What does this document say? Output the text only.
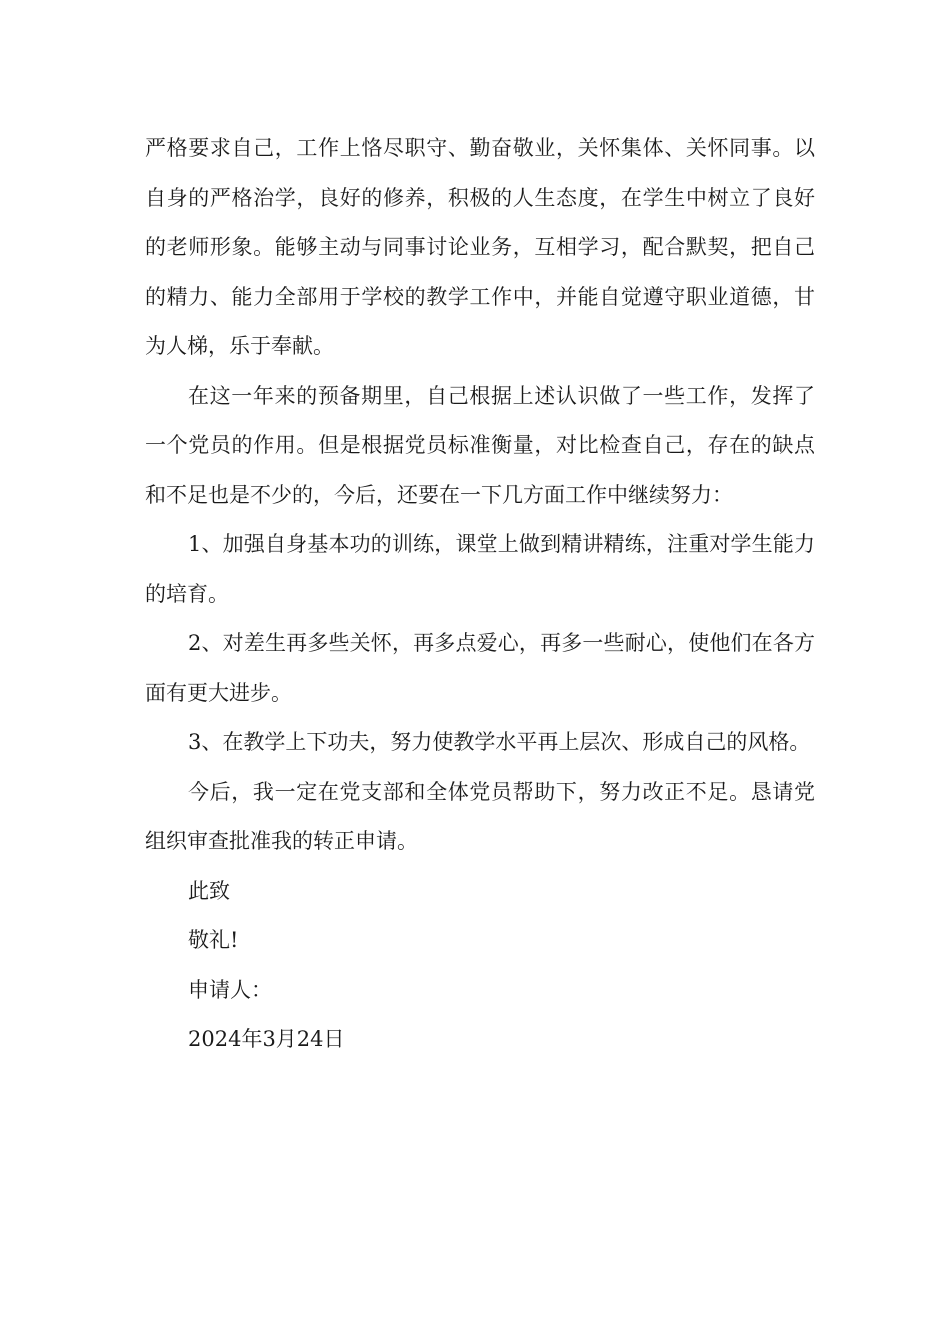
严格要求自己，工作上恪尽职守、勤奋敬业，关怀集体、关怀同事。以自身的严格治学，良好的修养，积极的人生态度，在学生中树立了良好的老师形象。能够主动与同事讨论业务，互相学习，配合默契，把自己的精力、能力全部用于学校的教学工作中，并能自觉遵守职业道德，甘为人梯，乐于奉献。

在这一年来的预备期里，自己根据上述认识做了一些工作，发挥了一个党员的作用。但是根据党员标准衡量，对比检查自己，存在的缺点和不足也是不少的，今后，还要在一下几方面工作中继续努力：

1、加强自身基本功的训练，课堂上做到精讲精练，注重对学生能力的培育。

2、对差生再多些关怀，再多点爱心，再多一些耐心，使他们在各方面有更大进步。

3、在教学上下功夫，努力使教学水平再上层次、形成自己的风格。

今后，我一定在党支部和全体党员帮助下，努力改正不足。恳请党组织审查批准我的转正申请。

此致

敬礼!

申请人：

2024年3月24日
